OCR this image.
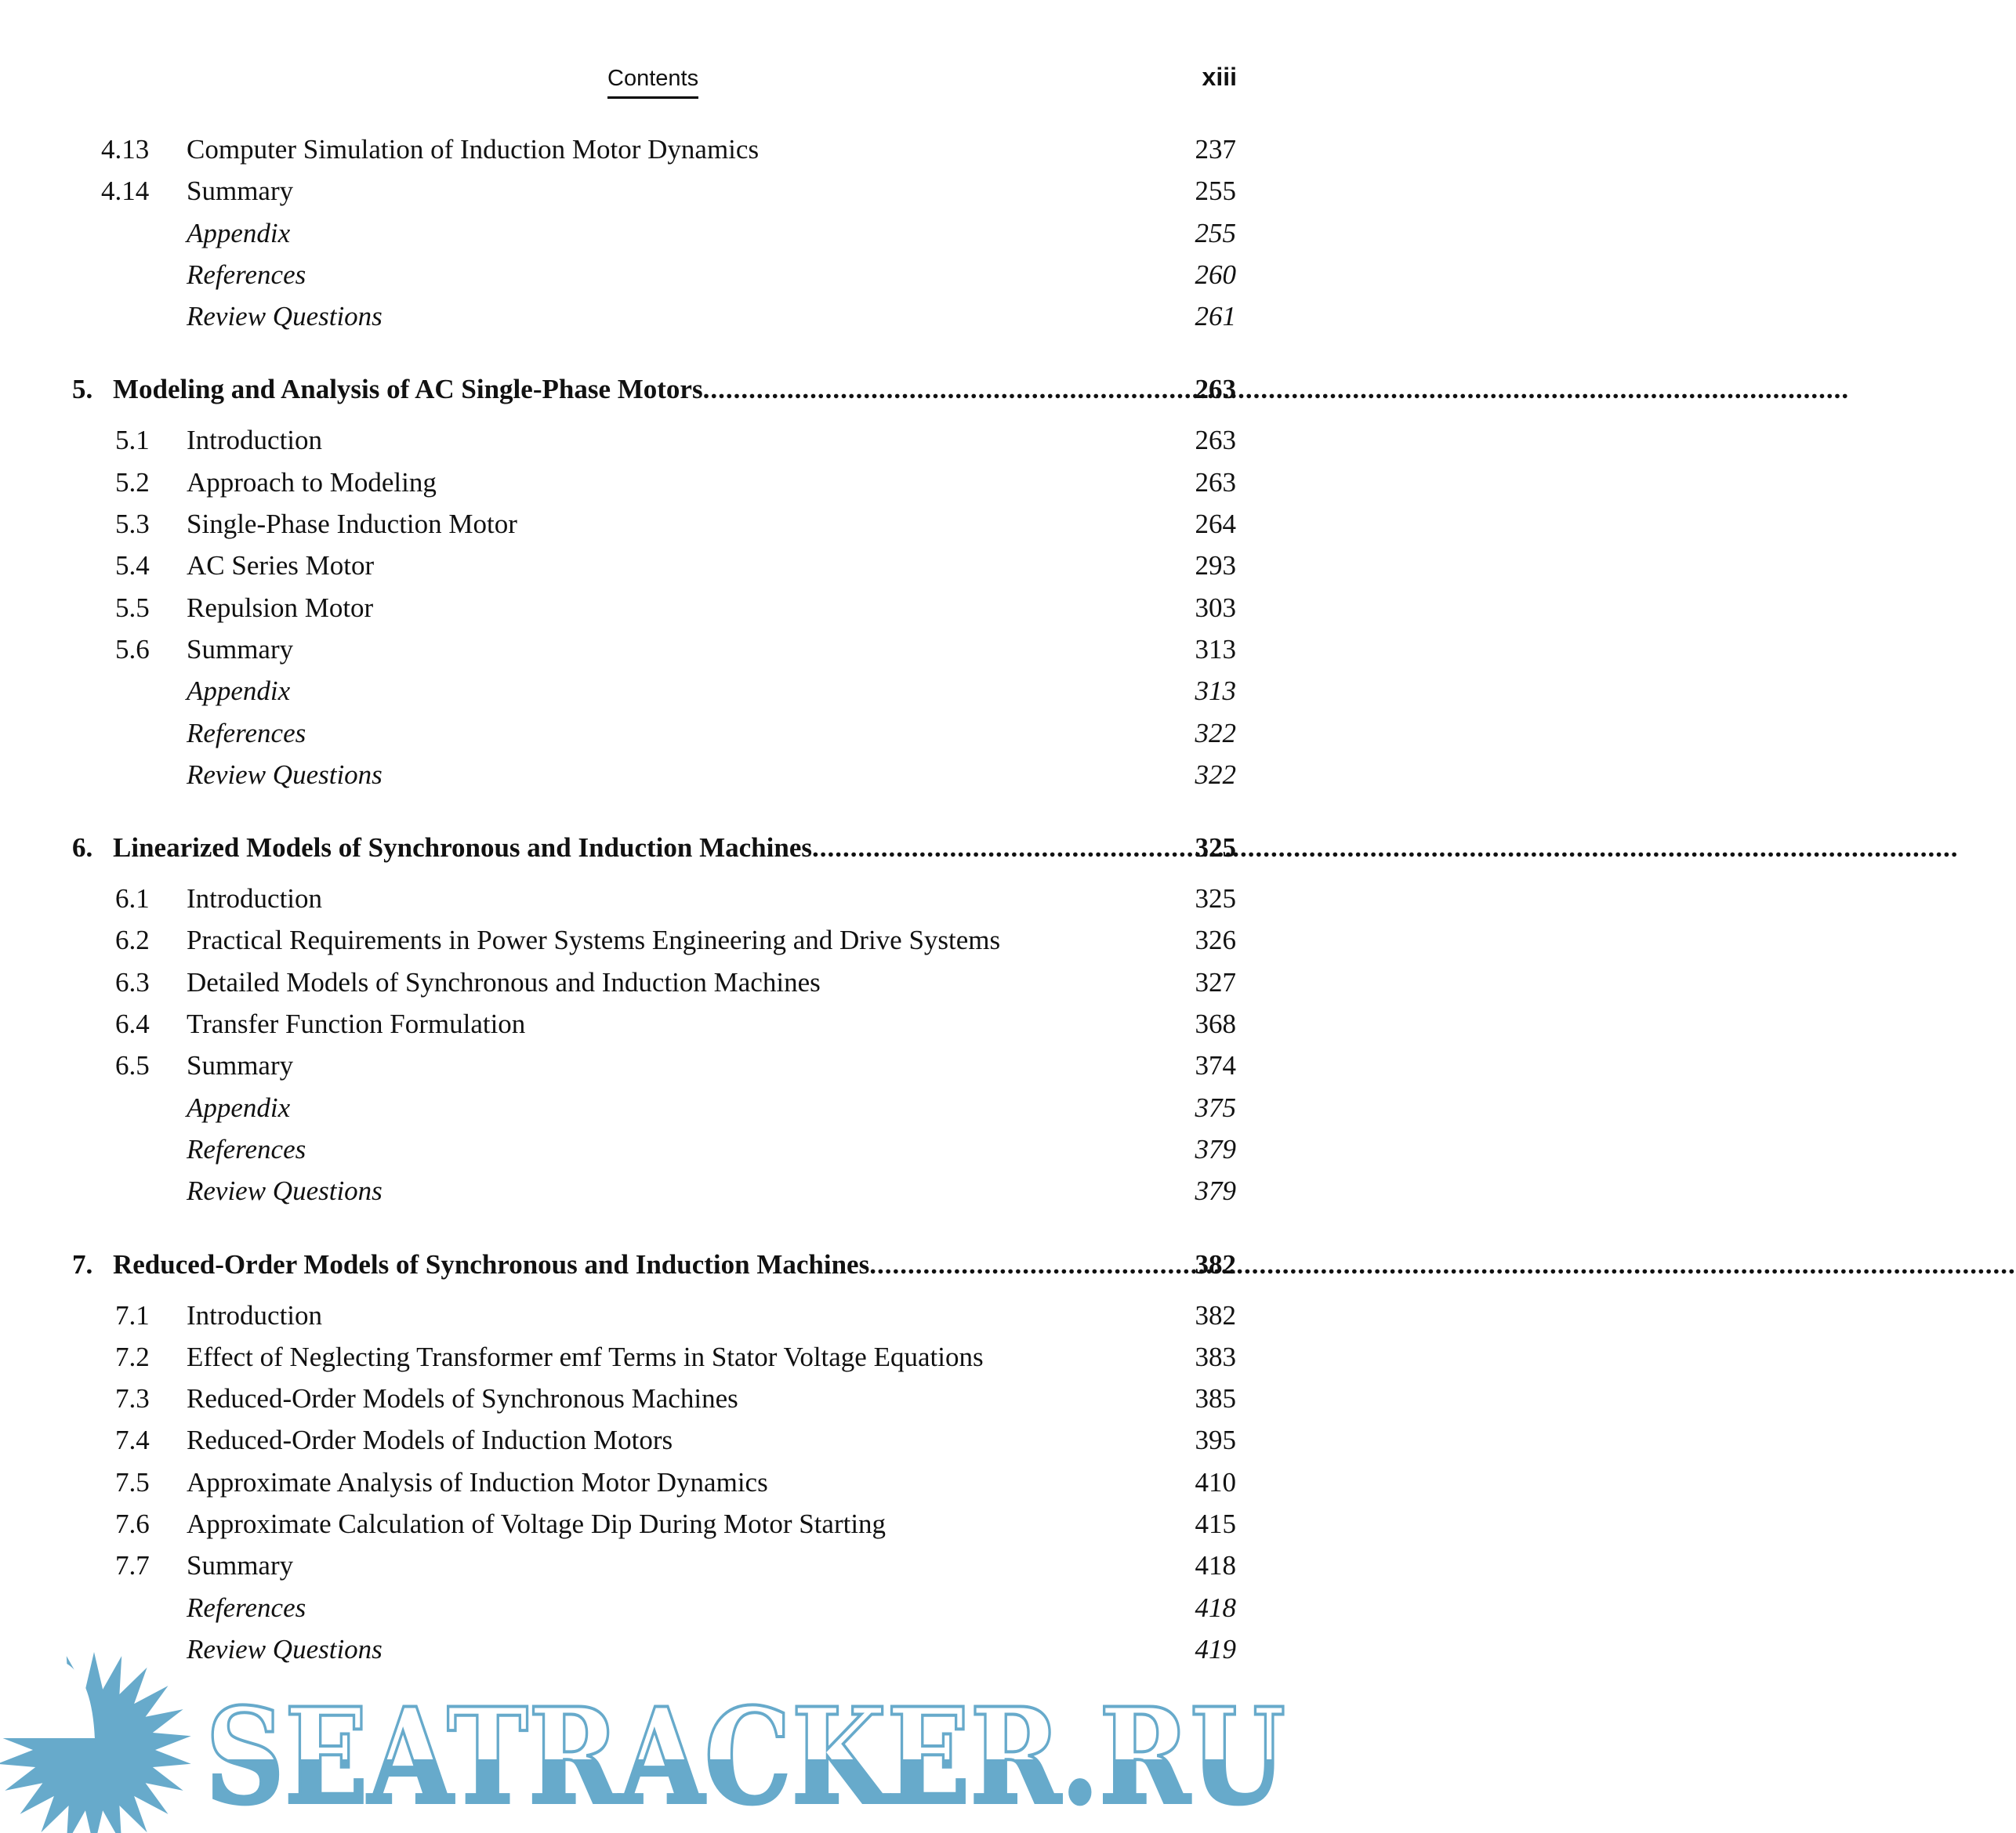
Contents	xiii
4.13 Computer Simulation of Induction Motor Dynamics	237
4.14 Summary	255
Appendix	255
References	260
Review Questions	261
5. Modeling and Analysis of AC Single-Phase Motors .....	263
5.1 Introduction	263
5.2 Approach to Modeling	263
5.3 Single-Phase Induction Motor	264
5.4 AC Series Motor	293
5.5 Repulsion Motor	303
5.6 Summary	313
Appendix	313
References	322
Review Questions	322
6. Linearized Models of Synchronous and Induction Machines .....	325
6.1 Introduction	325
6.2 Practical Requirements in Power Systems Engineering and Drive Systems	326
6.3 Detailed Models of Synchronous and Induction Machines	327
6.4 Transfer Function Formulation	368
6.5 Summary	374
Appendix	375
References	379
Review Questions	379
7. Reduced-Order Models of Synchronous and Induction Machines .....	382
7.1 Introduction	382
7.2 Effect of Neglecting Transformer emf Terms in Stator Voltage Equations	383
7.3 Reduced-Order Models of Synchronous Machines	385
7.4 Reduced-Order Models of Induction Motors	395
7.5 Approximate Analysis of Induction Motor Dynamics	410
7.6 Approximate Calculation of Voltage Dip During Motor Starting	415
7.7 Summary	418
References	418
Review Questions	419
SEATRACKER.RU
